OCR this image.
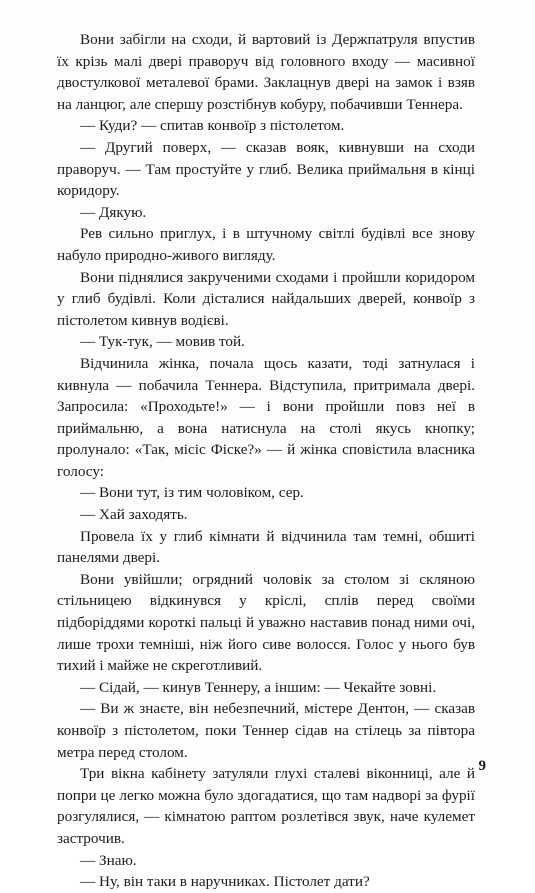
Вони забігли на сходи, й вартовий із Держпатруля впустив їх крізь малі двері праворуч від головного входу — масивної двостулкової металевої брами. Заклацнув двері на замок і взяв на ланцюг, але спершу розстібнув кобуру, побачивши Теннера.

— Куди? — спитав конвоїр з пістолетом.

— Другий поверх, — сказав вояк, кивнувши на сходи праворуч. — Там простуйте у глиб. Велика приймальня в кінці коридору.

— Дякую.

Рев сильно приглух, і в штучному світлі будівлі все знову набуло природно-живого вигляду.

Вони піднялися закрученими сходами і пройшли коридором у глиб будівлі. Коли дісталися найдальших дверей, конвоїр з пістолетом кивнув водієві.

— Тук-тук, — мовив той.

Відчинила жінка, почала щось казати, тоді затнулася і кивнула — побачила Теннера. Відступила, притримала двері. Запросила: «Проходьте!» — і вони пройшли повз неї в приймальню, а вона натиснула на столі якусь кнопку; пролунало: «Так, місіс Фіске?» — й жінка сповістила власника голосу:

— Вони тут, із тим чоловіком, сер.

— Хай заходять.

Провела їх у глиб кімнати й відчинила там темні, обшиті панелями двері.

Вони увійшли; огрядний чоловік за столом зі скляною стільницею відкинувся у кріслі, сплів перед своїми підборіддями короткі пальці й уважно наставив понад ними очі, лише трохи темніші, ніж його сиве волосся. Голос у нього був тихий і майже не скреготливий.

— Сідай, — кинув Теннеру, а іншим: — Чекайте зовні.

— Ви ж знаєте, він небезпечний, містере Дентон, — сказав конвоїр з пістолетом, поки Теннер сідав на стілець за півтора метра перед столом.

Три вікна кабінету затуляли глухі сталеві віконниці, але й попри це легко можна було здогадатися, що там надворі за фурії розгулялися, — кімнатою раптом розлетівся звук, наче кулемет застрочив.

— Знаю.

— Ну, він таки в наручниках. Пістолет дати?

9
